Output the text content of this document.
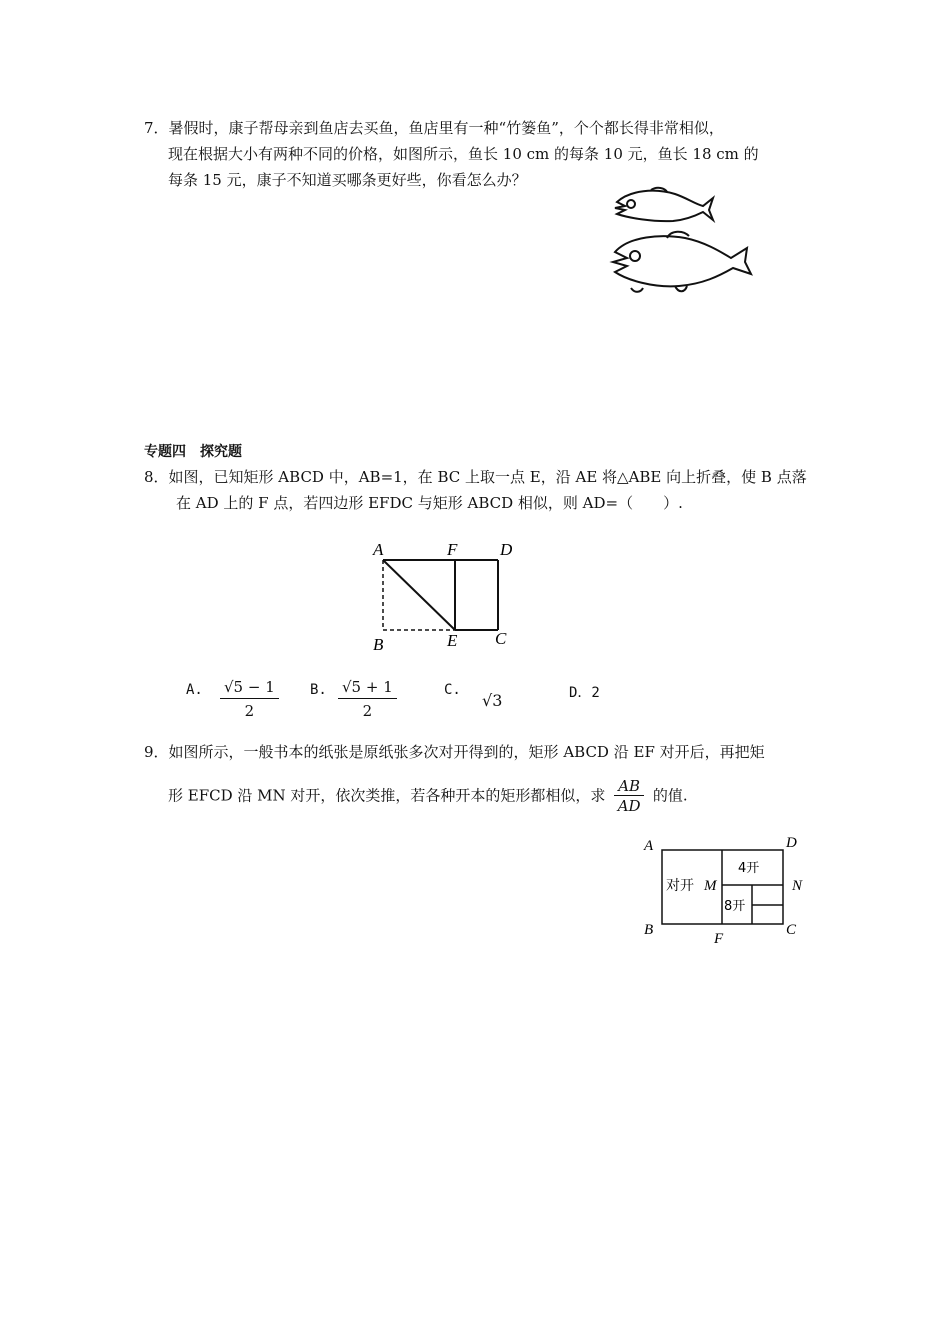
7．暑假时，康子帮母亲到鱼店去买鱼，鱼店里有一种“竹篓鱼”，个个都长得非常相似，
现在根据大小有两种不同的价格，如图所示，鱼长 10 cm 的每条 10 元，鱼长 18 cm 的
每条 15 元，康子不知道买哪条更好些，你看怎么办？
专题四　探究题
8．如图，已知矩形 ABCD 中，AB=1，在 BC 上取一点 E，沿 AE 将△ABE 向上折叠，使 B 点落
在 AD 上的 F 点，若四边形 EFDC 与矩形 ABCD 相似，则 AD=（　　）.
A	F	D
B	E C
A. $\frac{√5 - 1}{2} B$. $\frac{√5 + 1}{2}$	C.
√3	D．2
9．如图所示，一般书本的纸张是原纸张多次对开得到的，矩形 ABCD 沿 EF 对开后，再把矩
形 EFCD 沿 MN 对开，依次类推，若各种开本的矩形都相似，求 $\frac{AB}{AD}$ 的值.
A	D
B	C
F
N
M
对开
4开
8开
